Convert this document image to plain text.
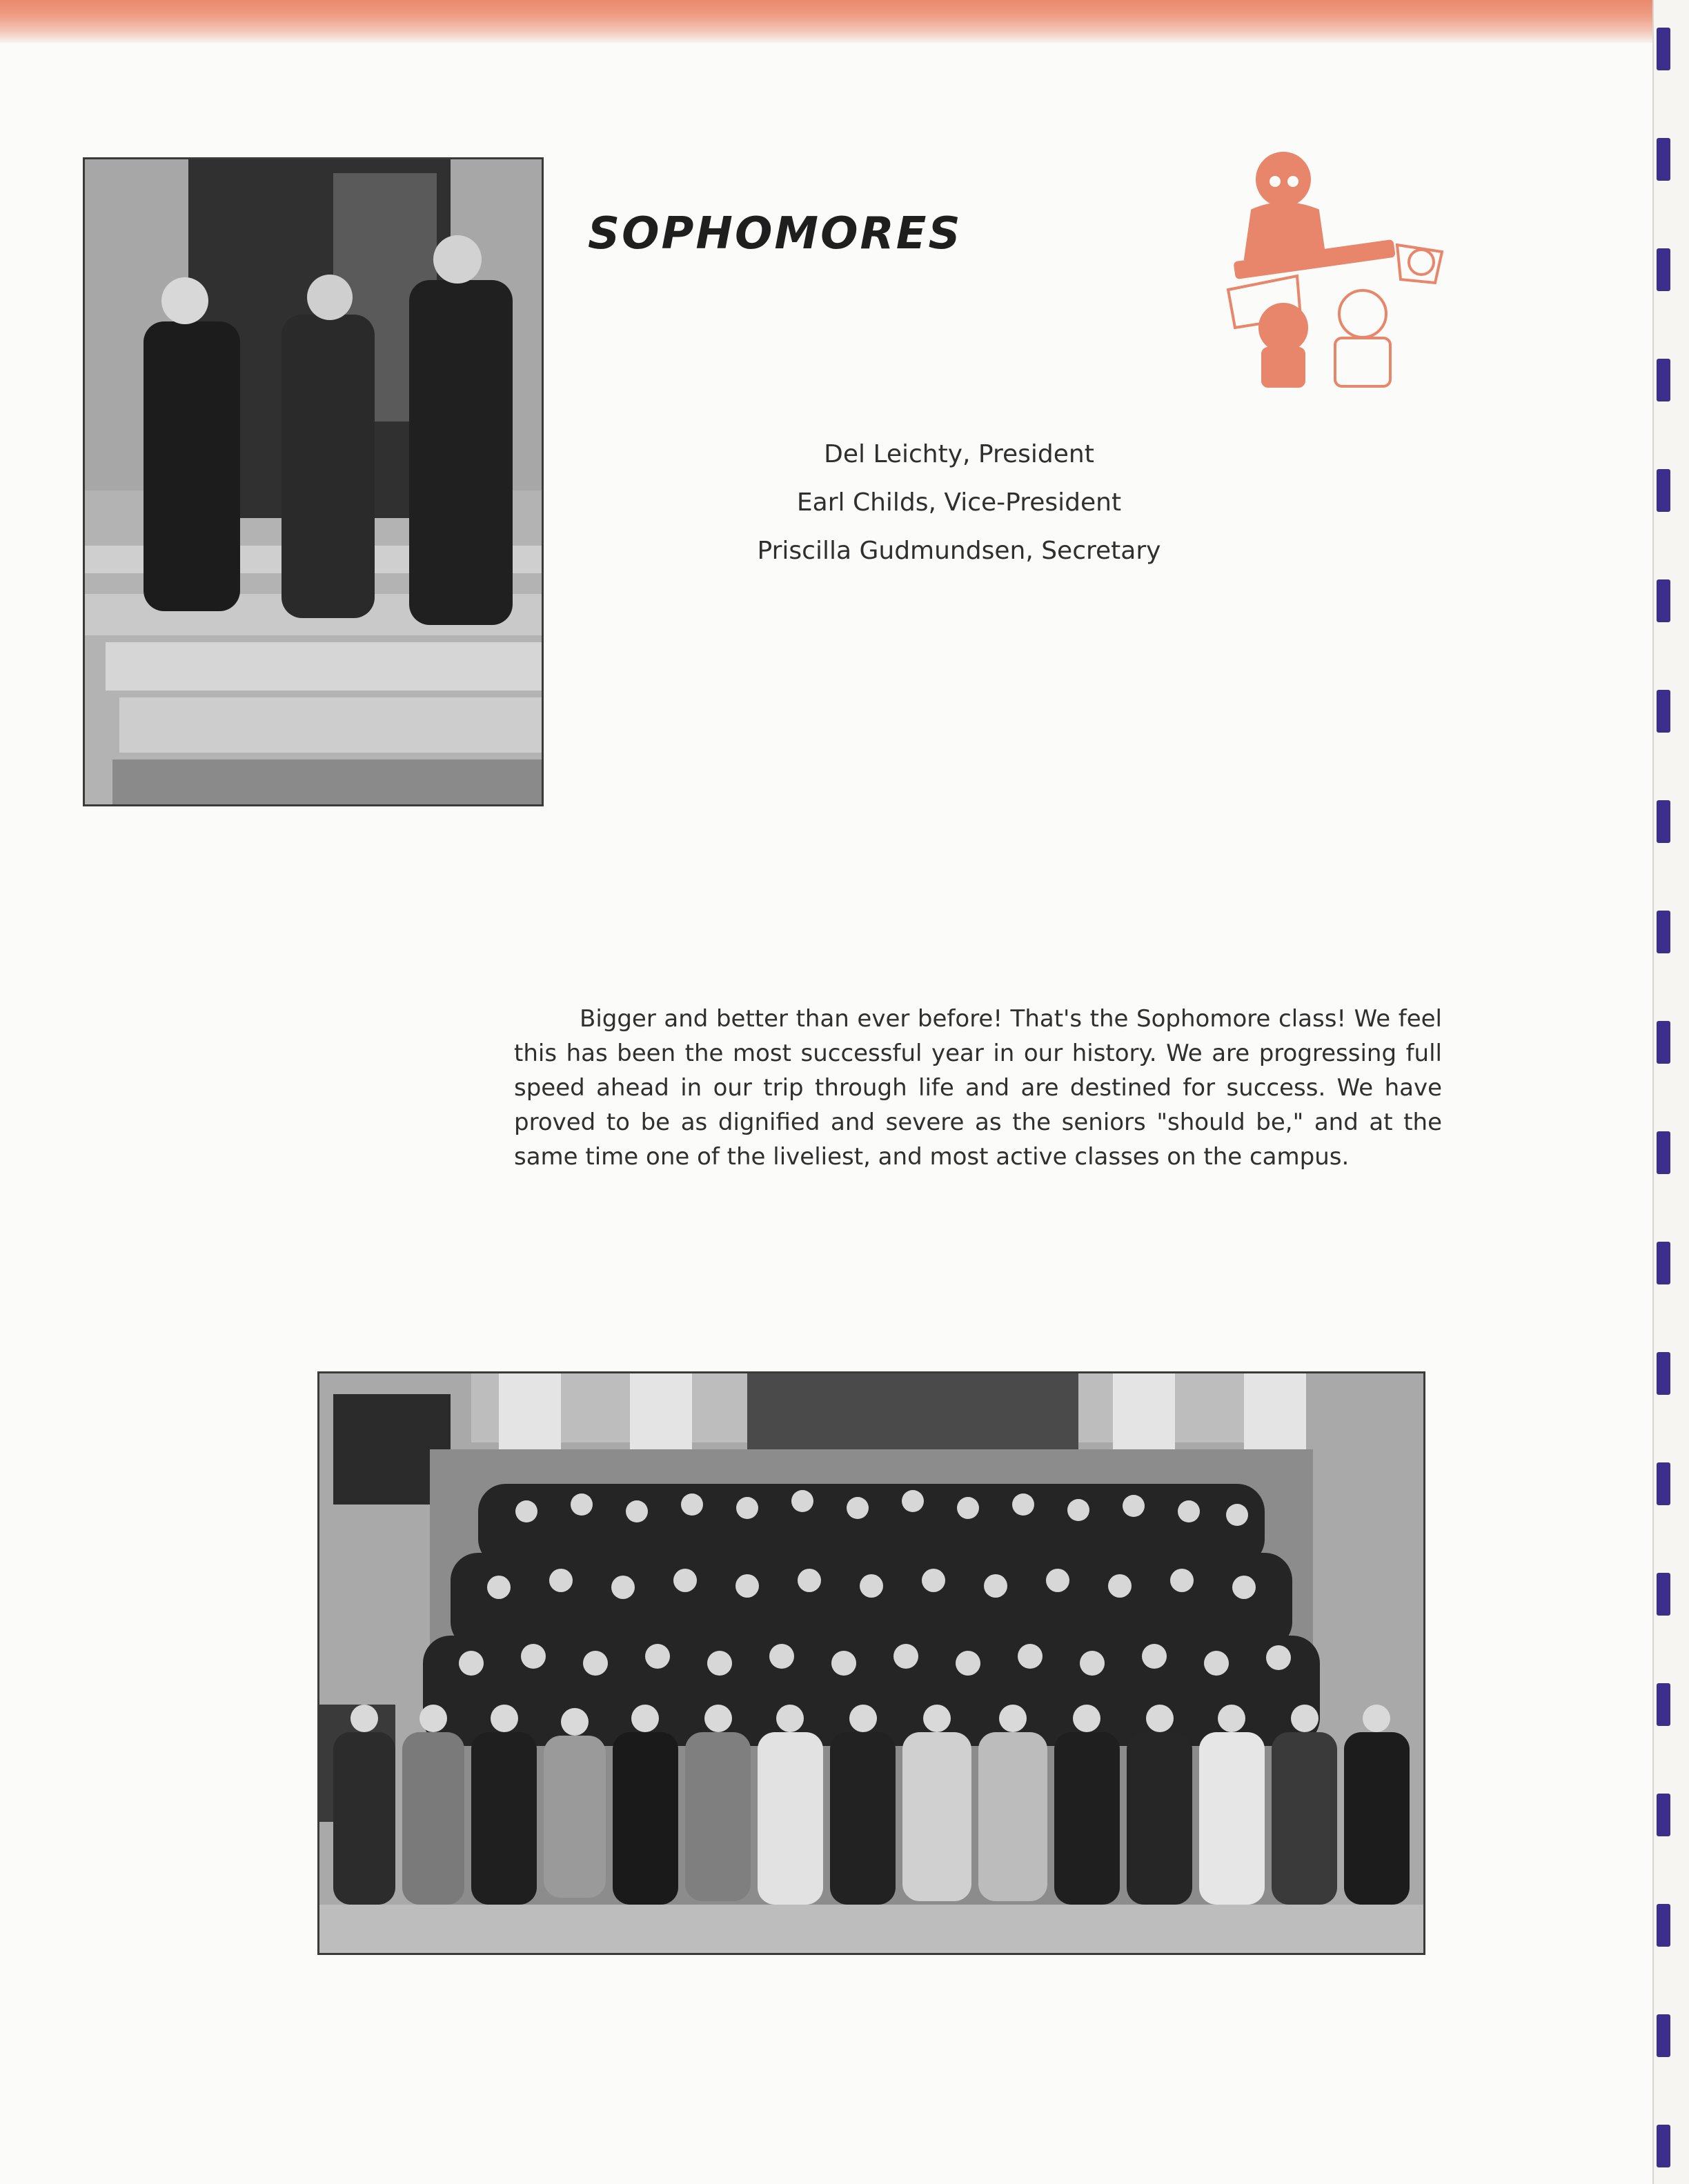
SOPHOMORES
Del Leichty, President
Earl Childs, Vice-President
Priscilla Gudmundsen, Secretary

Bigger and better than ever before! That's the Sophomore class! We feel this has been the most successful year in our history. We are progressing full speed ahead in our trip through life and are destined for success. We have proved to be as dignified and severe as the seniors "should be," and at the same time one of the liveliest, and most active classes on the campus.
